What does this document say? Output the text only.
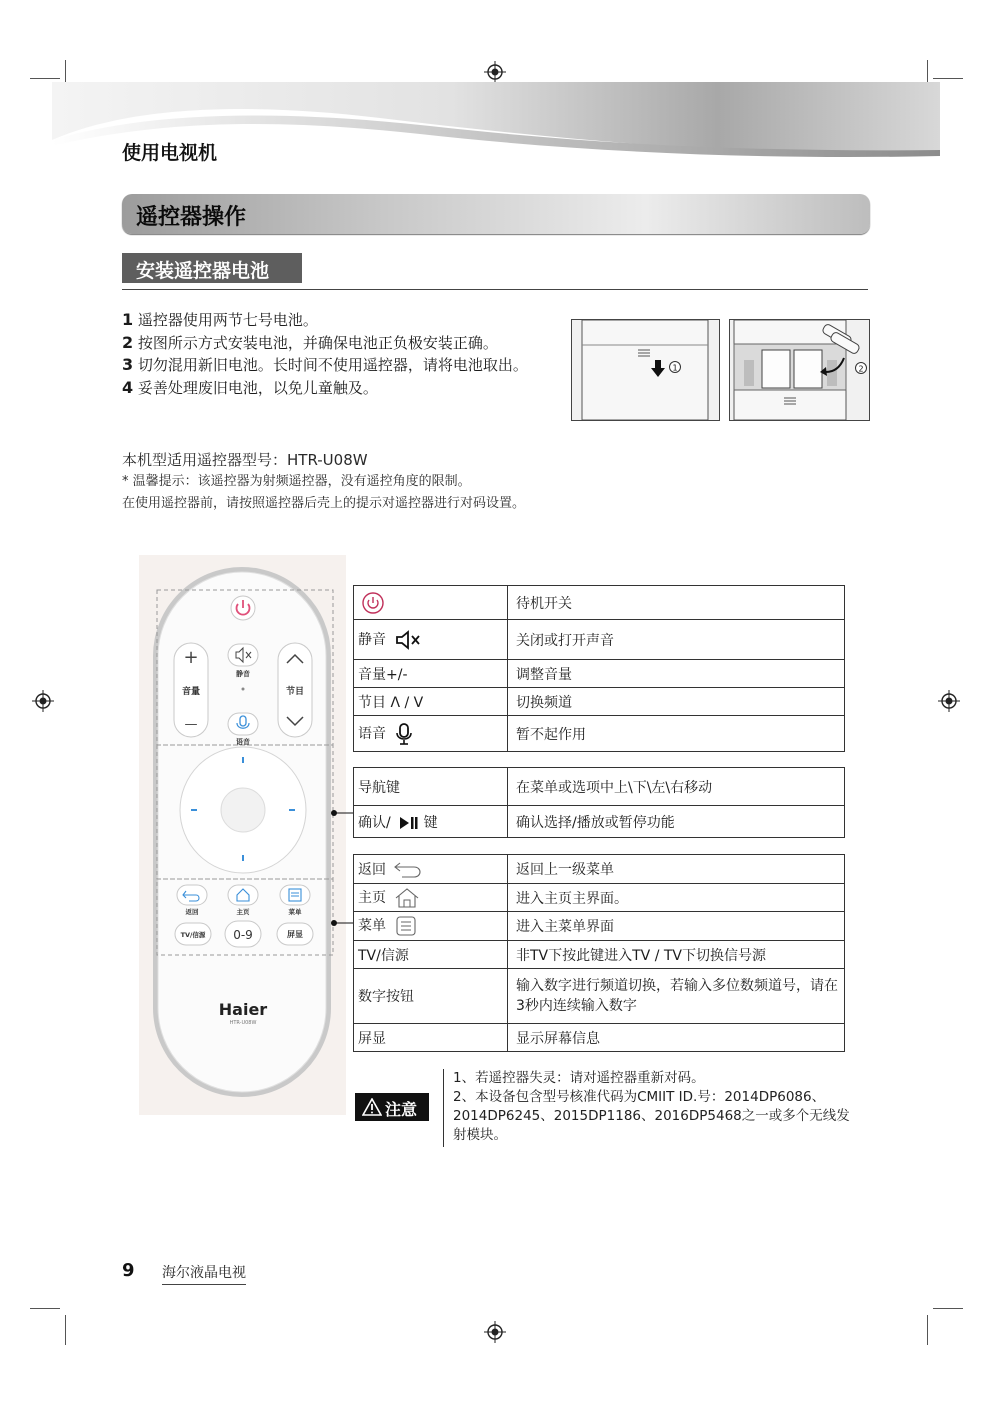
使用电视机
遥控器操作
安装遥控器电池
1 遥控器使用两节七号电池。
2 按图所示方式安装电池，并确保电池正负极安装正确。
3 切勿混用新旧电池。长时间不使用遥控器，请将电池取出。
4 妥善处理废旧电池，以免儿童触及。
1	2
本机型适用遥控器型号：HTR-U08W
* 温馨提示：该遥控器为射频遥控器，没有遥控角度的限制。
在使用遥控器前，请按照遥控器后壳上的提示对遥控器进行对码设置。
+
音量
—
节目
静音
语音
返回	主页	菜单
TV/信源 0-9	屏显
Haier
HTR-U08W
	待机开关
静音	关闭或打开声音
音量+/-	调整音量
节目 Λ / V	切换频道
语音	暂不起作用
导航键	在菜单或选项中上\下\左\右移动
确认/ 键	确认选择/播放或暂停功能
返回	返回上一级菜单
主页	进入主页主界面。
菜单	进入主菜单界面
TV/信源	非TV下按此键进入TV / TV下切换信号源
数字按钮	输入数字进行频道切换，若输入多位数频道号，请在3秒内连续输入数字
屏显	显示屏幕信息
注意
1、若遥控器失灵：请对遥控器重新对码。
2、本设备包含型号核准代码为CMIIT ID.号：2014DP6086、2014DP6245、2015DP1186、2016DP5468之一或多个无线发射模块。
9 海尔液晶电视
